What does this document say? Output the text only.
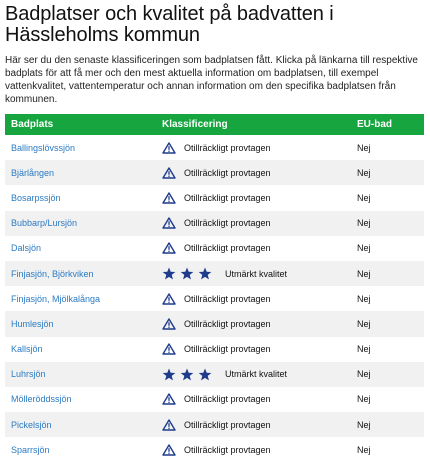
Badplatser och kvalitet på badvatten i Hässleholms kommun

Här ser du den senaste klassificeringen som badplatsen fått. Klicka på länkarna till respektive badplats för att få mer och den mest aktuella information om badplatsen, till exempel vattenkvalitet, vattentemperatur och annan information om den specifika badplatsen från kommunen.

Badplats	Klassificering	EU-bad
Ballingslövssjön	Otillräckligt provtagen	Nej
Bjärlången	Otillräckligt provtagen	Nej
Bosarpssjön	Otillräckligt provtagen	Nej
Bubbarp/Lursjön	Otillräckligt provtagen	Nej
Dalsjön	Otillräckligt provtagen	Nej
Finjasjön, Björkviken	Utmärkt kvalitet	Nej
Finjasjön, Mjölkalånga	Otillräckligt provtagen	Nej
Humlesjön	Otillräckligt provtagen	Nej
Kallsjön	Otillräckligt provtagen	Nej
Luhrsjön	Utmärkt kvalitet	Nej
Mölleröddssjön	Otillräckligt provtagen	Nej
Pickelsjön	Otillräckligt provtagen	Nej
Sparrsjön	Otillräckligt provtagen	Nej
